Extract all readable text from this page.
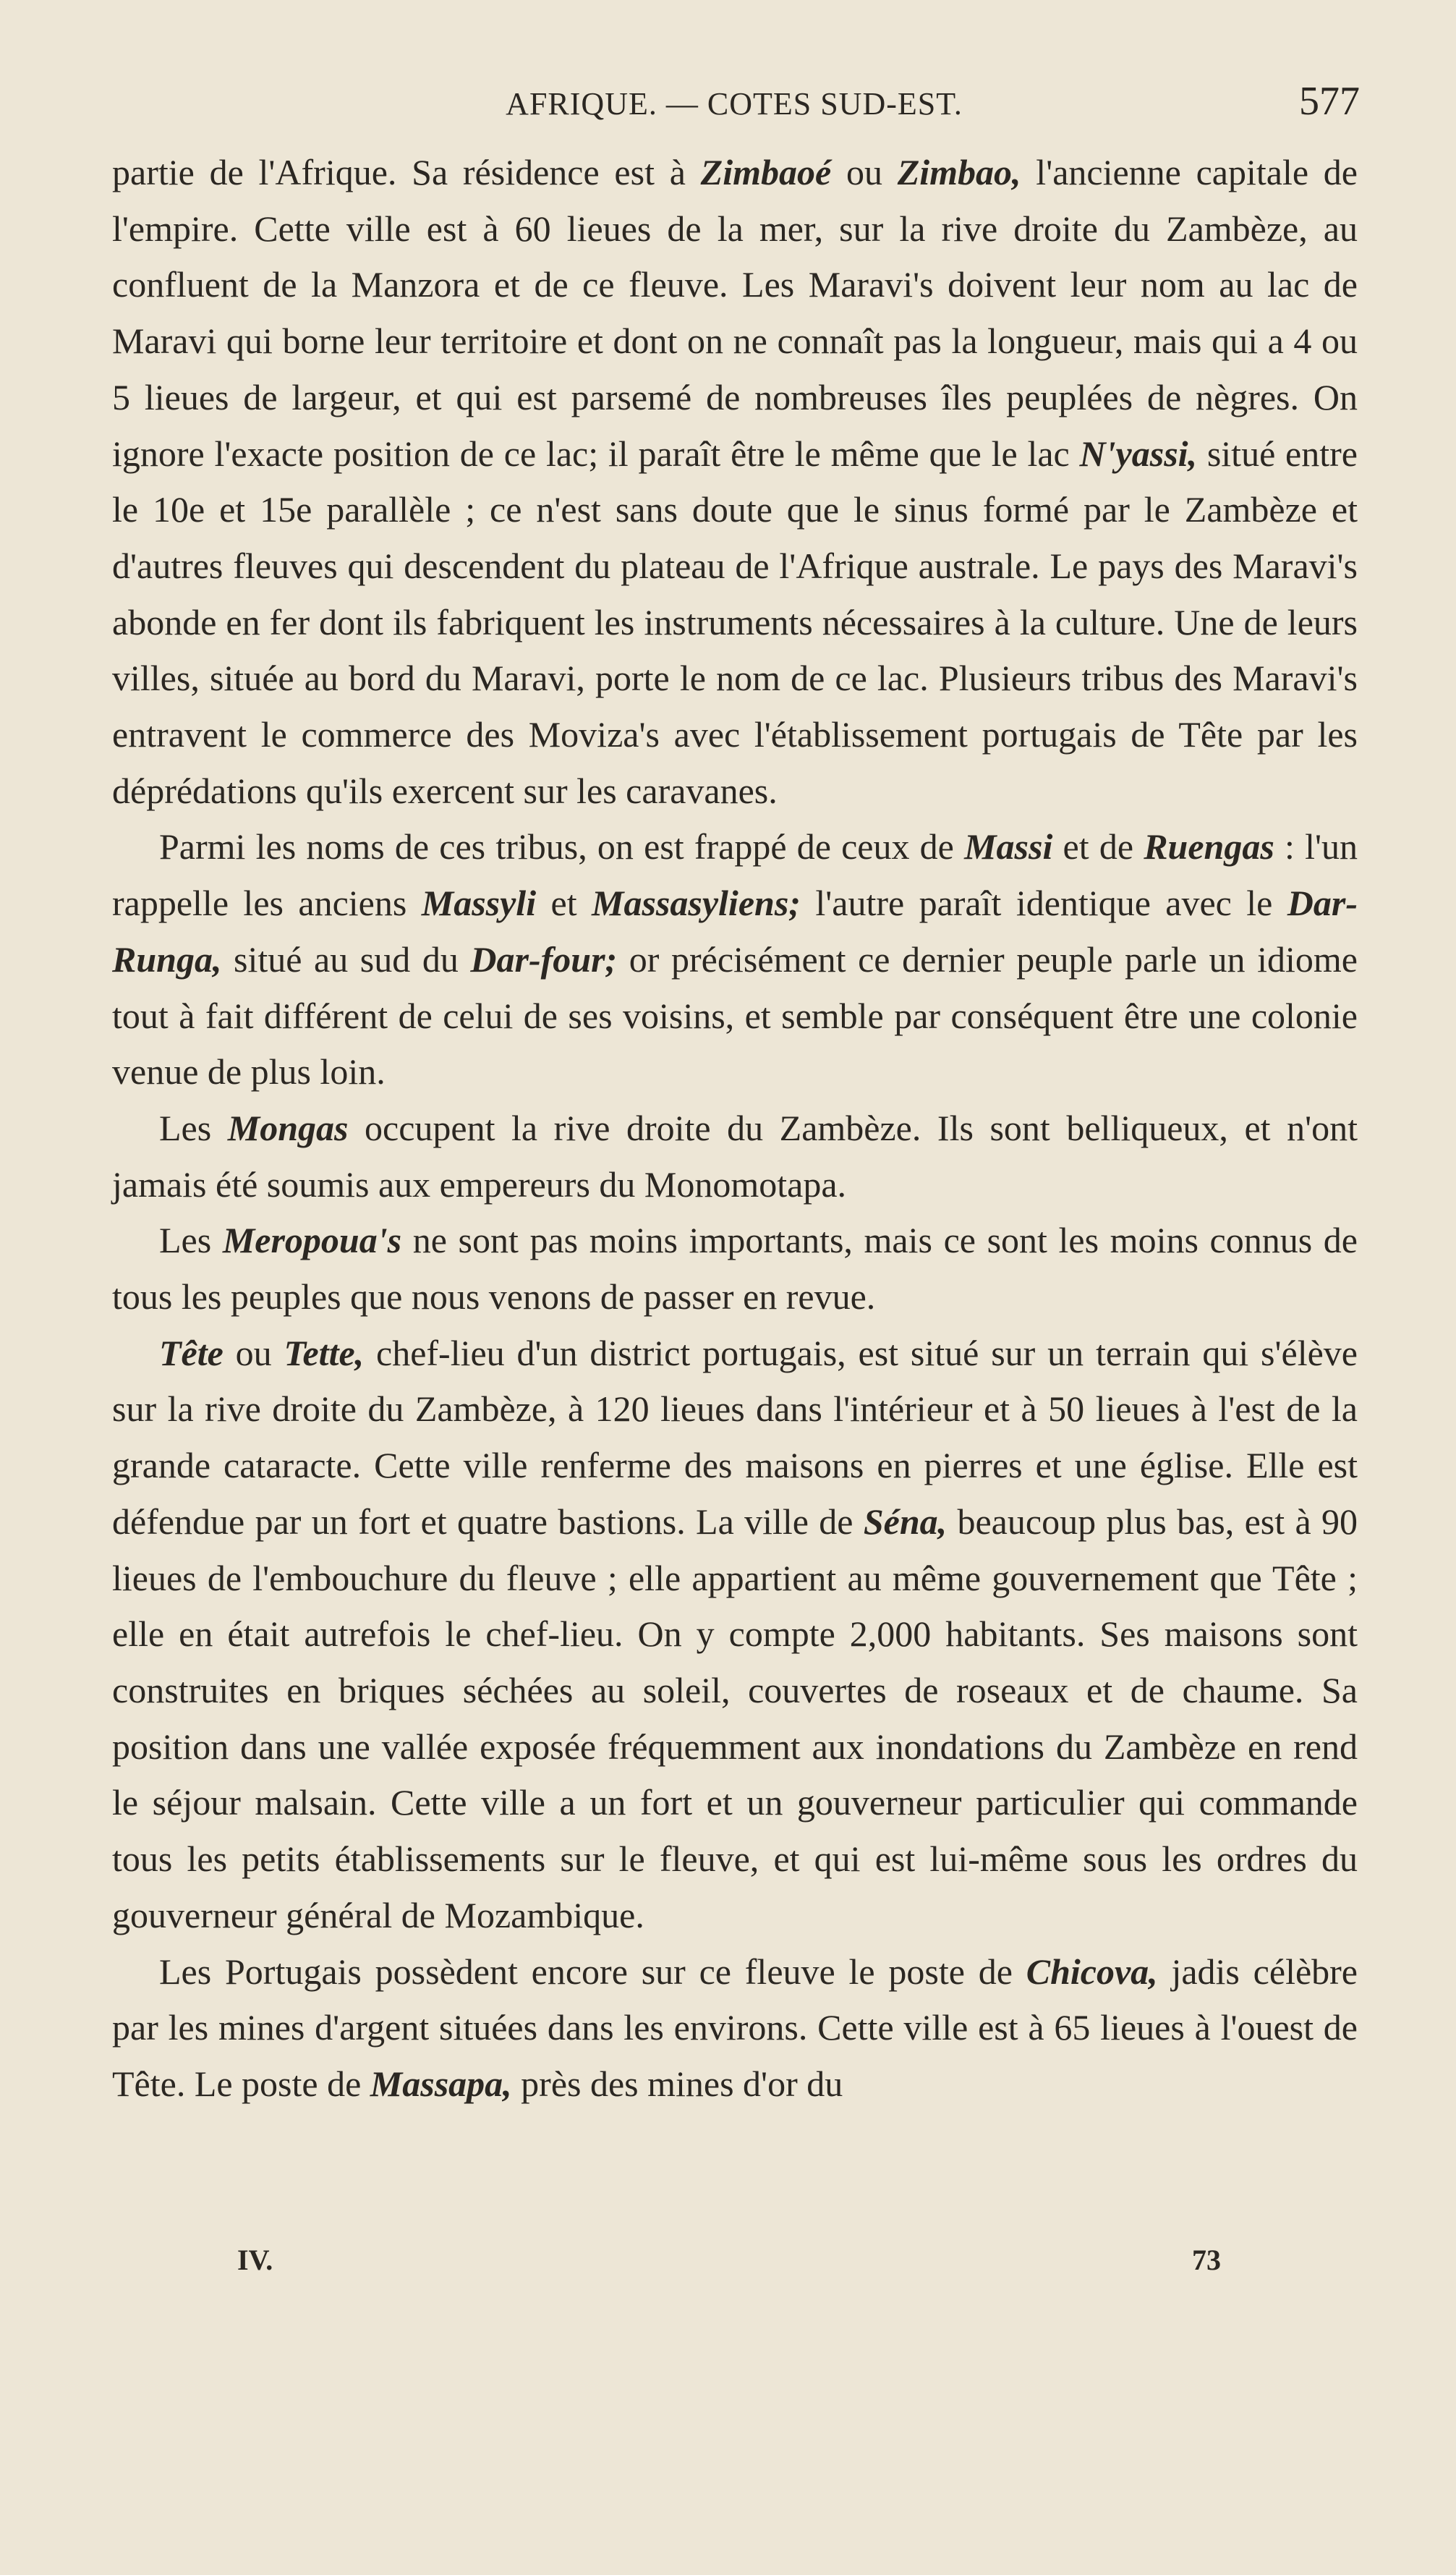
AFRIQUE. — COTES SUD-EST.	577

partie de l'Afrique. Sa résidence est à Zimbaoé ou Zimbao, l'ancienne capitale de l'empire. Cette ville est à 60 lieues de la mer, sur la rive droite du Zambèze, au confluent de la Manzora et de ce fleuve. Les Maravi's doivent leur nom au lac de Maravi qui borne leur territoire et dont on ne connaît pas la longueur, mais qui a 4 ou 5 lieues de largeur, et qui est parsemé de nombreuses îles peuplées de nègres. On ignore l'exacte position de ce lac; il paraît être le même que le lac N'yassi, situé entre le 10e et 15e parallèle ; ce n'est sans doute que le sinus formé par le Zambèze et d'autres fleuves qui descendent du plateau de l'Afrique australe. Le pays des Maravi's abonde en fer dont ils fabriquent les instruments nécessaires à la culture. Une de leurs villes, située au bord du Maravi, porte le nom de ce lac. Plusieurs tribus des Maravi's entravent le commerce des Moviza's avec l'établissement portugais de Tête par les déprédations qu'ils exercent sur les caravanes.

Parmi les noms de ces tribus, on est frappé de ceux de Massi et de Ruengas : l'un rappelle les anciens Massyli et Massasyliens; l'autre paraît identique avec le Dar-Runga, situé au sud du Dar-four; or précisément ce dernier peuple parle un idiome tout à fait différent de celui de ses voisins, et semble par conséquent être une colonie venue de plus loin.

Les Mongas occupent la rive droite du Zambèze. Ils sont belliqueux, et n'ont jamais été soumis aux empereurs du Monomotapa.

Les Meropoua's ne sont pas moins importants, mais ce sont les moins connus de tous les peuples que nous venons de passer en revue.

Tête ou Tette, chef-lieu d'un district portugais, est situé sur un terrain qui s'élève sur la rive droite du Zambèze, à 120 lieues dans l'intérieur et à 50 lieues à l'est de la grande cataracte. Cette ville renferme des maisons en pierres et une église. Elle est défendue par un fort et quatre bastions. La ville de Séna, beaucoup plus bas, est à 90 lieues de l'embouchure du fleuve ; elle appartient au même gouvernement que Tête ; elle en était autrefois le chef-lieu. On y compte 2,000 habitants. Ses maisons sont construites en briques séchées au soleil, couvertes de roseaux et de chaume. Sa position dans une vallée exposée fréquemment aux inondations du Zambèze en rend le séjour malsain. Cette ville a un fort et un gouverneur particulier qui commande tous les petits établissements sur le fleuve, et qui est lui-même sous les ordres du gouverneur général de Mozambique.

Les Portugais possèdent encore sur ce fleuve le poste de Chicova, jadis célèbre par les mines d'argent situées dans les environs. Cette ville est à 65 lieues à l'ouest de Tête. Le poste de Massapa, près des mines d'or du

IV.	73
